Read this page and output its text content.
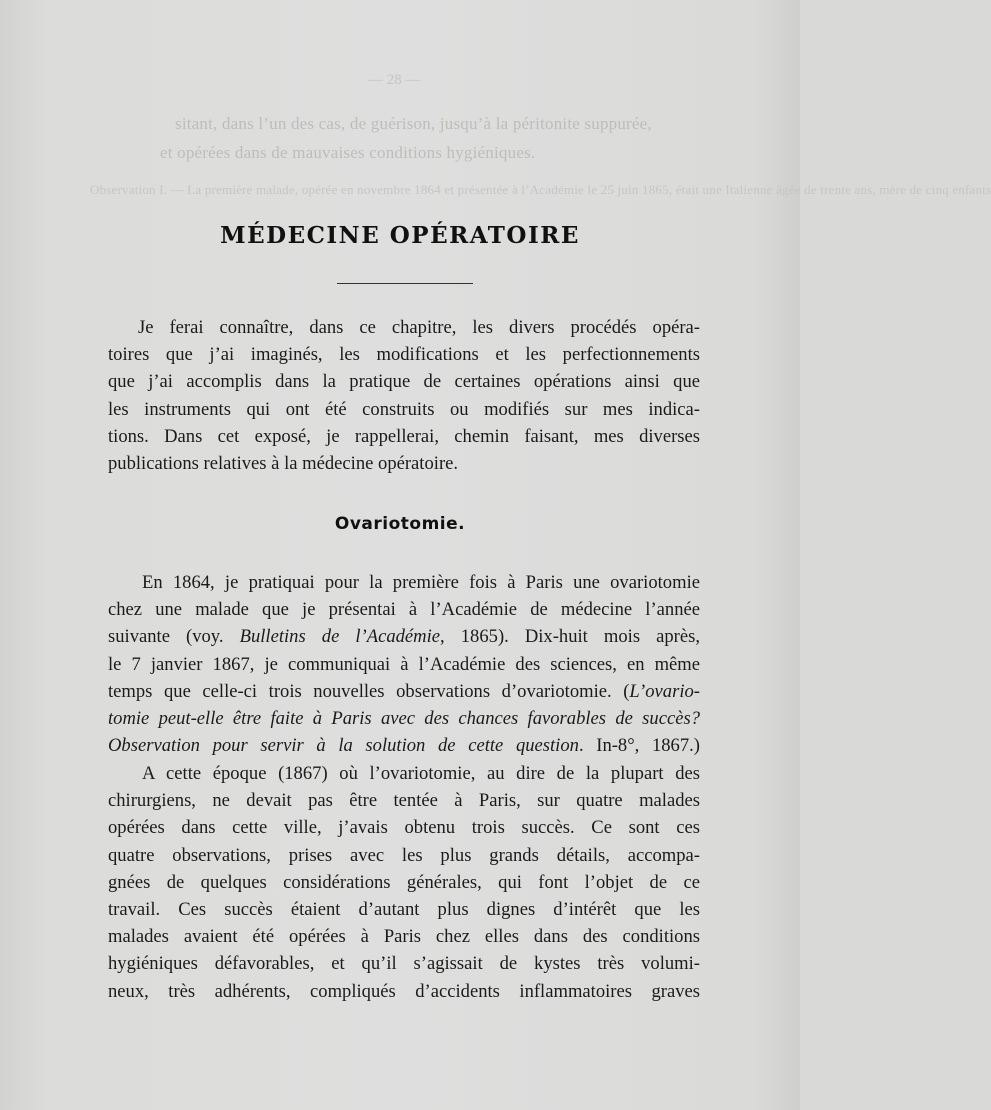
— 28 —
sitant, dans l’un des cas, de guérison, jusqu’à la péritonite suppurée,
et opérées dans de mauvaises conditions hygiéniques.
Observation I. — La première malade, opérée en novembre 1864 et présentée à l’Académie le 25 juin 1865, était une Italienne âgée de trente ans, mère de cinq enfants
MÉDECINE OPÉRATOIRE
Je ferai connaître, dans ce chapitre, les divers procédés opéra-
toires que j’ai imaginés, les modifications et les perfectionnements
que j’ai accomplis dans la pratique de certaines opérations ainsi que
les instruments qui ont été construits ou modifiés sur mes indica-
tions. Dans cet exposé, je rappellerai, chemin faisant, mes diverses
publications relatives à la médecine opératoire.
Ovariotomie.
En 1864, je pratiquai pour la première fois à Paris une ovariotomie
chez une malade que je présentai à l’Académie de médecine l’année
suivante (voy. Bulletins de l’Académie, 1865). Dix-huit mois après,
le 7 janvier 1867, je communiquai à l’Académie des sciences, en même
temps que celle-ci trois nouvelles observations d’ovariotomie. (L’ovario-
tomie peut-elle être faite à Paris avec des chances favorables de succès?
Observation pour servir à la solution de cette question. In-8°, 1867.)
A cette époque (1867) où l’ovariotomie, au dire de la plupart des
chirurgiens, ne devait pas être tentée à Paris, sur quatre malades
opérées dans cette ville, j’avais obtenu trois succès. Ce sont ces
quatre observations, prises avec les plus grands détails, accompa-
gnées de quelques considérations générales, qui font l’objet de ce
travail. Ces succès étaient d’autant plus dignes d’intérêt que les
malades avaient été opérées à Paris chez elles dans des conditions
hygiéniques défavorables, et qu’il s’agissait de kystes très volumi-
neux, très adhérents, compliqués d’accidents inflammatoires graves
